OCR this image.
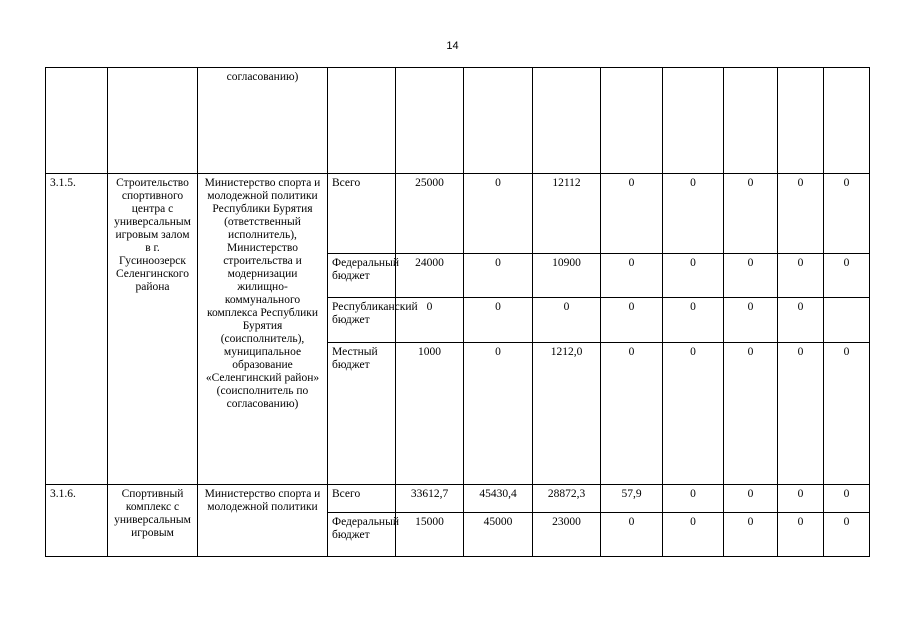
14
		согласованию)									
3.1.5.	Строительство спортивного центра с универсальным игровым залом в г. Гусиноозерск Селенгинского района	Министерство спорта и молодежной политики Республики Бурятия (ответственный исполнитель), Министерство строительства и модернизации жилищно-коммунального комплекса Республики Бурятия (соисполнитель), муниципальное образование «Селенгинский район» (соисполнитель по согласованию)	Всего	25000	0	12112	0	0	0	0	0
			Федеральный бюджет	24000	0	10900	0	0	0	0	0
			Республиканский бюджет	0	0	0	0	0	0	0	
			Местный бюджет	1000	0	1212,0	0	0	0	0	0
3.1.6.	Спортивный комплекс с универсальным игровым	Министерство спорта и молодежной политики	Всего	33612,7	45430,4	28872,3	57,9	0	0	0	0
			Федеральный бюджет	15000	45000	23000	0	0	0	0	0
